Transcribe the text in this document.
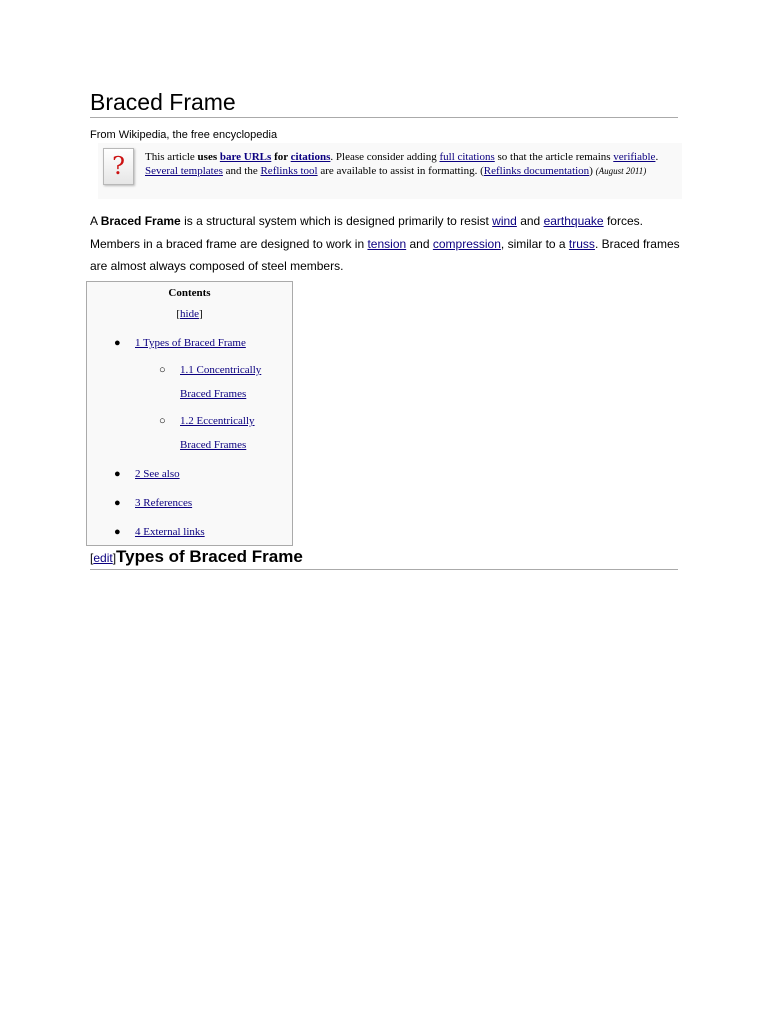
Braced Frame
From Wikipedia, the free encyclopedia
?	This article uses bare URLs for citations. Please consider adding full citations so that the article remains verifiable. Several templates and the Reflinks tool are available to assist in formatting. (Reflinks documentation) (August 2011)
A Braced Frame is a structural system which is designed primarily to resist wind and earthquake forces. Members in a braced frame are designed to work in tension and compression, similar to a truss. Braced frames are almost always composed of steel members.
Contents
[hide]
● 1 Types of Braced Frame
○ 1.1 Concentrically
Braced Frames
○ 1.2 Eccentrically
Braced Frames
● 2 See also
● 3 References
● 4 External links
[edit]Types of Braced Frame
